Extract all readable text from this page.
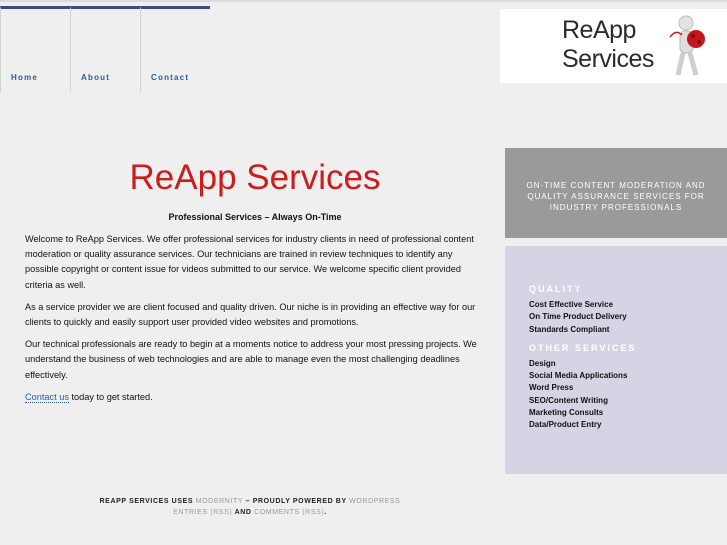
Home	About	Contact
ReApp
Services
ReApp Services

Professional Services – Always On-Time

Welcome to ReApp Services. We offer professional services for industry clients in need of professional content moderation or quality assurance services. Our technicians are trained in review techniques to identify any possible copyright or content issue for videos submitted to our service. We welcome specific client provided criteria as well.

As a service provider we are client focused and quality driven. Our niche is in providing an effective way for our clients to quickly and easily support user provided video websites and promotions.

Our technical professionals are ready to begin at a moments notice to address your most pressing projects. We understand the business of web technologies and are able to manage even the most challenging deadlines effectively.

Contact us today to get started.

ON-TIME CONTENT MODERATION AND QUALITY ASSURANCE SERVICES FOR INDUSTRY PROFESSIONALS
QUALITY
Cost Effective Service
On Time Product Delivery
Standards Compliant
OTHER SERVICES
Design
Social Media Applications
Word Press
SEO/Content Writing
Marketing Consults
Data/Product Entry
REAPP SERVICES USES MODERNITY – PROUDLY POWERED BY WORDPRESS
ENTRIES (RSS) AND COMMENTS (RSS).
